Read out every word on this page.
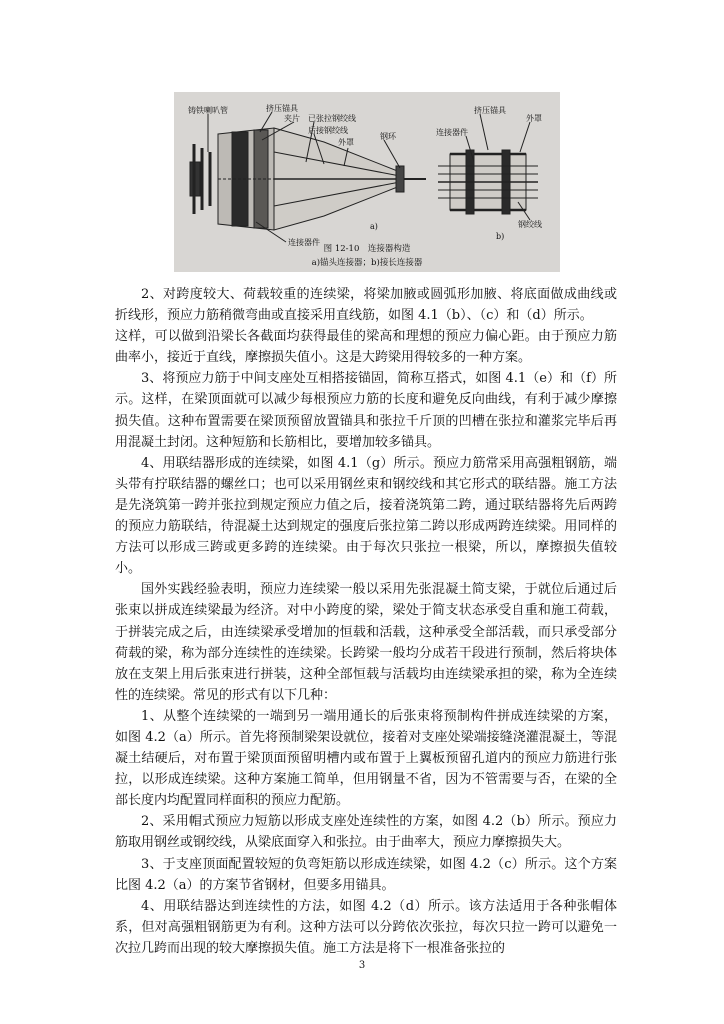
铸铁喇叭管	挤压锚具
夹片 已张拉钢绞线
后接钢绞线
外罩
钢环
连接器件
a)
挤压锚具
外罩
连接器件
钢绞线
b)
图 12-10　连接器构造
a)锚头连接器；b)接长连接器

2、对跨度较大、荷载较重的连续梁，将梁加腋或圆弧形加腋、将底面做成曲线或折线形，预应力筋稍微弯曲或直接采用直线筋，如图 4.1（b）、（c）和（d）所示。

这样，可以做到沿梁长各截面均获得最佳的梁高和理想的预应力偏心距。由于预应力筋曲率小，接近于直线，摩擦损失值小。这是大跨梁用得较多的一种方案。

3、将预应力筋于中间支座处互相搭接锚固，简称互搭式，如图 4.1（e）和（f）所示。这样，在梁顶面就可以减少每根预应力筋的长度和避免反向曲线，有利于减少摩擦损失值。这种布置需要在梁顶预留放置锚具和张拉千斤顶的凹槽在张拉和灌浆完毕后再用混凝土封闭。这种短筋和长筋相比，要增加较多锚具。

4、用联结器形成的连续梁，如图 4.1（g）所示。预应力筋常采用高强粗钢筋，端头带有拧联结器的螺丝口；也可以采用钢丝束和钢绞线和其它形式的联结器。施工方法是先浇筑第一跨并张拉到规定预应力值之后，接着浇筑第二跨，通过联结器将先后两跨的预应力筋联结，待混凝土达到规定的强度后张拉第二跨以形成两跨连续梁。用同样的方法可以形成三跨或更多跨的连续梁。由于每次只张拉一根梁，所以，摩擦损失值较小。

国外实践经验表明，预应力连续梁一般以采用先张混凝土简支梁，于就位后通过后张束以拼成连续梁最为经济。对中小跨度的梁，梁处于简支状态承受自重和施工荷载，于拼装完成之后，由连续梁承受增加的恒载和活载，这种承受全部活载，而只承受部分荷载的梁，称为部分连续性的连续梁。长跨梁一般均分成若干段进行预制，然后将块体放在支架上用后张束进行拼装，这种全部恒载与活载均由连续梁承担的梁，称为全连续性的连续梁。常见的形式有以下几种：

1、从整个连续梁的一端到另一端用通长的后张束将预制构件拼成连续梁的方案，如图 4.2（a）所示。首先将预制梁架设就位，接着对支座处梁端接缝浇灌混凝土，等混凝土结硬后，对布置于梁顶面预留明槽内或布置于上翼板预留孔道内的预应力筋进行张拉，以形成连续梁。这种方案施工简单，但用钢量不省，因为不管需要与否，在梁的全部长度内均配置同样面积的预应力配筋。

2、采用帽式预应力短筋以形成支座处连续性的方案，如图 4.2（b）所示。预应力筋取用钢丝或钢绞线，从梁底面穿入和张拉。由于曲率大，预应力摩擦损失大。

3、于支座顶面配置较短的负弯矩筋以形成连续梁，如图 4.2（c）所示。这个方案比图 4.2（a）的方案节省钢材，但要多用锚具。

4、用联结器达到连续性的方法，如图 4.2（d）所示。该方法适用于各种张帽体系，但对高强粗钢筋更为有利。这种方法可以分跨依次张拉，每次只拉一跨可以避免一次拉几跨而出现的较大摩擦损失值。施工方法是将下一根准备张拉的

3
